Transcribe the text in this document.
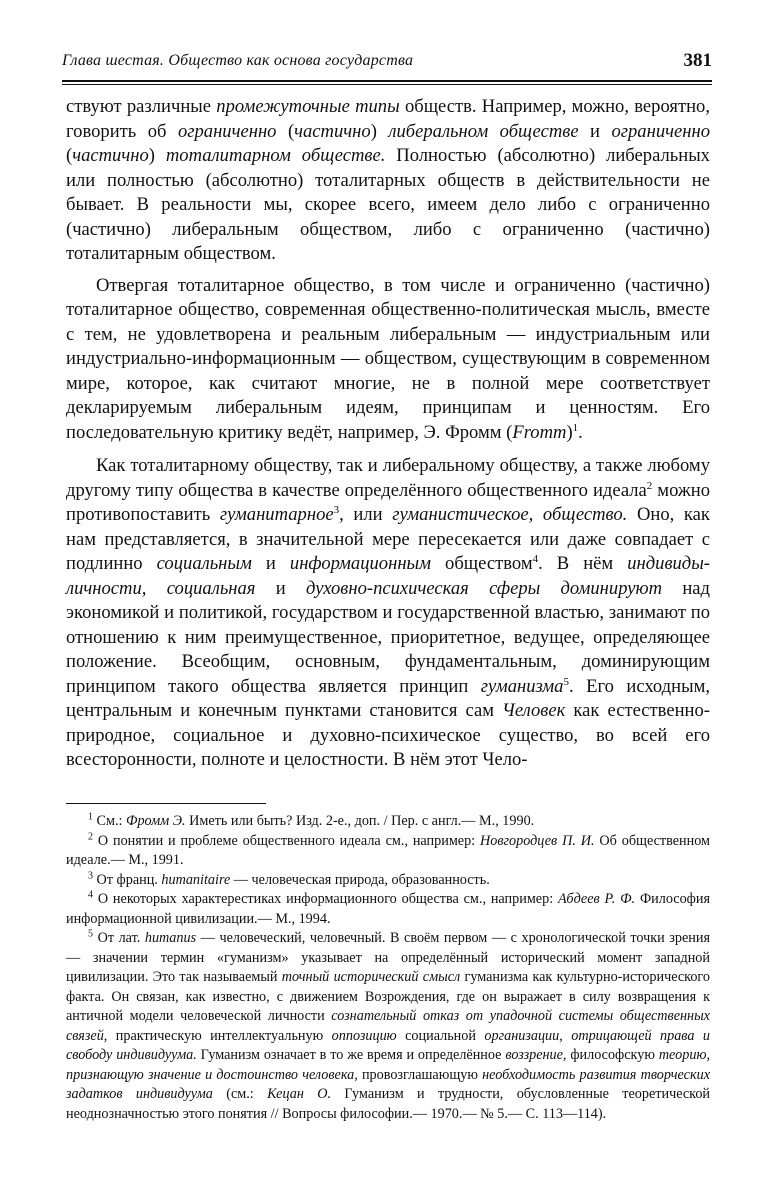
Глава шестая. Общество как основа государства	381

ствуют различные промежуточные типы обществ. Например, можно, вероятно, говорить об ограниченно (частично) либеральном обществе и ограниченно (частично) тоталитарном обществе. Полностью (абсолютно) либеральных или полностью (абсолютно) тоталитарных обществ в действительности не бывает. В реальности мы, скорее всего, имеем дело либо с ограниченно (частично) либеральным обществом, либо с ограниченно (частично) тоталитарным обществом.

Отвергая тоталитарное общество, в том числе и ограниченно (частично) тоталитарное общество, современная общественно-политическая мысль, вместе с тем, не удовлетворена и реальным либеральным — индустриальным или индустриально-информационным — обществом, существующим в современном мире, которое, как считают многие, не в полной мере соответствует декларируемым либеральным идеям, принципам и ценностям. Его последовательную критику ведёт, например, Э. Фромм (Fromm)$^1$.

Как тоталитарному обществу, так и либеральному обществу, а также любому другому типу общества в качестве определённого общественного идеала$^2$ можно противопоставить гуманитарное$^3$, или гуманистическое, общество. Оно, как нам представляется, в значительной мере пересекается или даже совпадает с подлинно социальным и информационным обществом$^4$. В нём индивиды-личности, социальная и духовно-психическая сферы доминируют над экономикой и политикой, государством и государственной властью, занимают по отношению к ним преимущественное, приоритетное, ведущее, определяющее положение. Всеобщим, основным, фундаментальным, доминирующим принципом такого общества является принцип гуманизма$^5$. Его исходным, центральным и конечным пунктами становится сам Человек как естественно-природное, социальное и духовно-психическое существо, во всей его всесторонности, полноте и целостности. В нём этот Чело-

$^1$ См.: Фромм Э. Иметь или быть? Изд. 2-е., доп. / Пер. с англ.— М., 1990.

$^2$ О понятии и проблеме общественного идеала см., например: Новгородцев П. И. Об общественном идеале.— М., 1991.

$^3$ От франц. humanitaire — человеческая природа, образованность.

$^4$ О некоторых характерестиках информационного общества см., например: Абдеев Р. Ф. Философия информационной цивилизации.— М., 1994.

$^5$ От лат. humanus — человеческий, человечный. В своём первом — с хронологической точки зрения — значении термин «гуманизм» указывает на определённый исторический момент западной цивилизации. Это так называемый точный исторический смысл гуманизма как культурно-исторического факта. Он связан, как известно, с движением Возрождения, где он выражает в силу возвращения к античной модели человеческой личности сознательный отказ от упадочной системы общественных связей, практическую интеллектуальную оппозицию социальной организации, отрицающей права и свободу индивидуума. Гуманизм означает в то же время и определённое воззрение, философскую теорию, признающую значение и достоинство человека, провозглашающую необходимость развития творческих задатков индивидуума (см.: Кецан О. Гуманизм и трудности, обусловленные теоретической неоднозначностью этого понятия // Вопросы философии.— 1970.— № 5.— С. 113—114).
